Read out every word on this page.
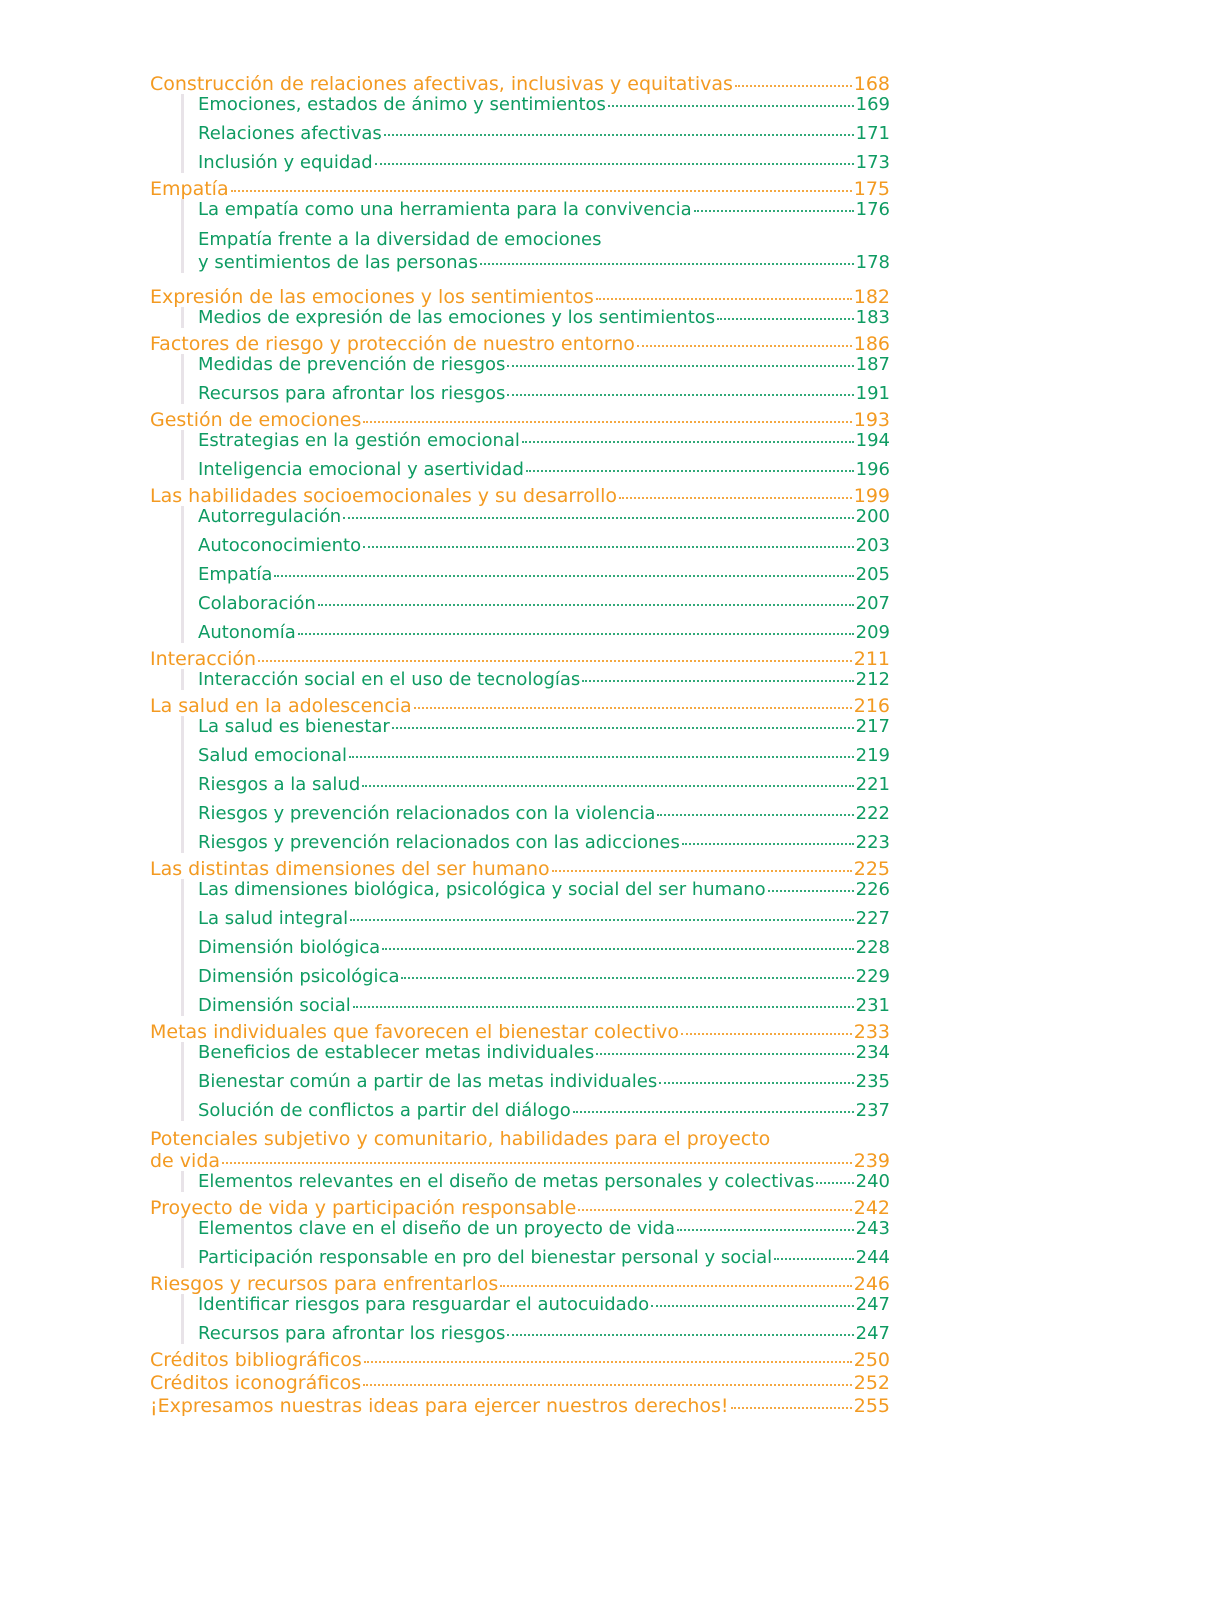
Construcción de relaciones afectivas, inclusivas y equitativas	168
Emociones, estados de ánimo y sentimientos	169
Relaciones afectivas	171
Inclusión y equidad	173
Empatía	175
La empatía como una herramienta para la convivencia	176
Empatía frente a la diversidad de emociones
y sentimientos de las personas	178
Expresión de las emociones y los sentimientos	182
Medios de expresión de las emociones y los sentimientos	183
Factores de riesgo y protección de nuestro entorno	186
Medidas de prevención de riesgos	187
Recursos para afrontar los riesgos	191
Gestión de emociones	193
Estrategias en la gestión emocional	194
Inteligencia emocional y asertividad	196
Las habilidades socioemocionales y su desarrollo	199
Autorregulación	200
Autoconocimiento	203
Empatía	205
Colaboración	207
Autonomía	209
Interacción	211
Interacción social en el uso de tecnologías	212
La salud en la adolescencia	216
La salud es bienestar	217
Salud emocional	219
Riesgos a la salud	221
Riesgos y prevención relacionados con la violencia	222
Riesgos y prevención relacionados con las adicciones	223
Las distintas dimensiones del ser humano	225
Las dimensiones biológica, psicológica y social del ser humano	226
La salud integral	227
Dimensión biológica	228
Dimensión psicológica	229
Dimensión social	231
Metas individuales que favorecen el bienestar colectivo	233
Beneficios de establecer metas individuales	234
Bienestar común a partir de las metas individuales	235
Solución de conflictos a partir del diálogo	237
Potenciales subjetivo y comunitario, habilidades para el proyecto
de vida	239
Elementos relevantes en el diseño de metas personales y colectivas 240
Proyecto de vida y participación responsable	242
Elementos clave en el diseño de un proyecto de vida	243
Participación responsable en pro del bienestar personal y social	244
Riesgos y recursos para enfrentarlos	246
Identificar riesgos para resguardar el autocuidado	247
Recursos para afrontar los riesgos	247
Créditos bibliográficos	250
Créditos iconográficos	252
¡Expresamos nuestras ideas para ejercer nuestros derechos!	255
